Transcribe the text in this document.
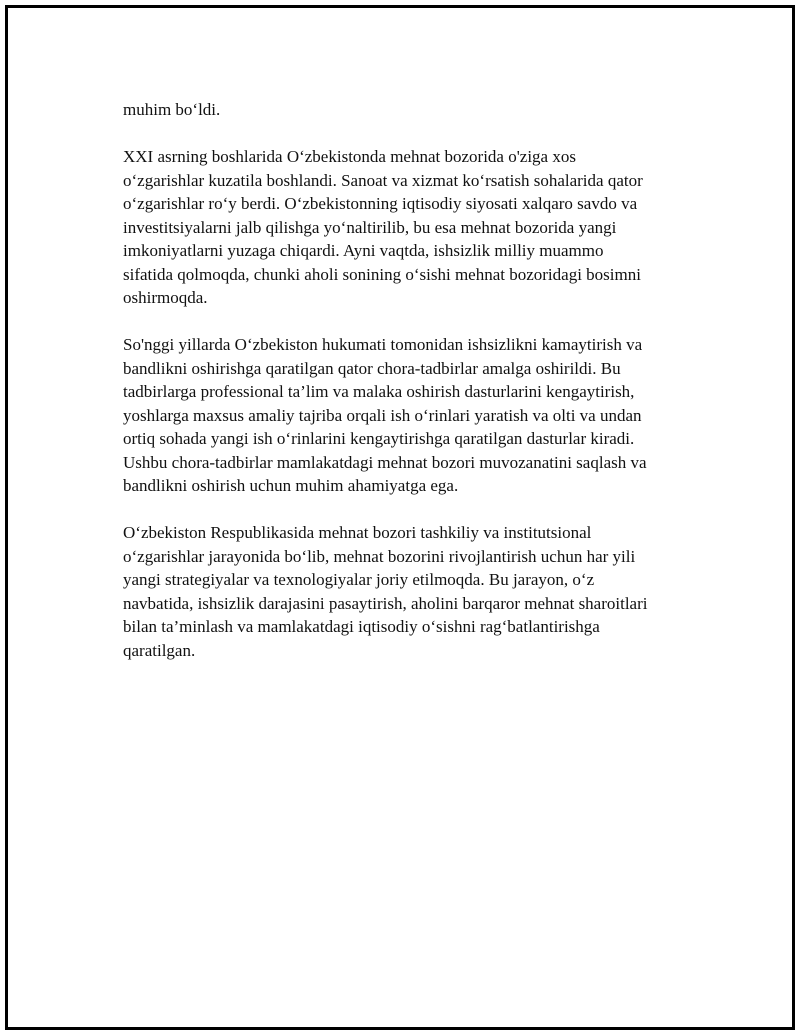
muhim bo‘ldi.

XXI asrning boshlarida O‘zbekistonda mehnat bozorida o'ziga xos
o‘zgarishlar kuzatila boshlandi. Sanoat va xizmat ko‘rsatish sohalarida qator
o‘zgarishlar ro‘y berdi. O‘zbekistonning iqtisodiy siyosati xalqaro savdo va
investitsiyalarni jalb qilishga yo‘naltirilib, bu esa mehnat bozorida yangi
imkoniyatlarni yuzaga chiqardi. Ayni vaqtda, ishsizlik milliy muammo
sifatida qolmoqda, chunki aholi sonining o‘sishi mehnat bozoridagi bosimni
oshirmoqda.

So'nggi yillarda O‘zbekiston hukumati tomonidan ishsizlikni kamaytirish va
bandlikni oshirishga qaratilgan qator chora-tadbirlar amalga oshirildi. Bu
tadbirlarga professional ta’lim va malaka oshirish dasturlarini kengaytirish,
yoshlarga maxsus amaliy tajriba orqali ish o‘rinlari yaratish va olti va undan
ortiq sohada yangi ish o‘rinlarini kengaytirishga qaratilgan dasturlar kiradi.
Ushbu chora-tadbirlar mamlakatdagi mehnat bozori muvozanatini saqlash va
bandlikni oshirish uchun muhim ahamiyatga ega.

O‘zbekiston Respublikasida mehnat bozori tashkiliy va institutsional
o‘zgarishlar jarayonida bo‘lib, mehnat bozorini rivojlantirish uchun har yili
yangi strategiyalar va texnologiyalar joriy etilmoqda. Bu jarayon, o‘z
navbatida, ishsizlik darajasini pasaytirish, aholini barqaror mehnat sharoitlari
bilan ta’minlash va mamlakatdagi iqtisodiy o‘sishni rag‘batlantirishga
qaratilgan.
